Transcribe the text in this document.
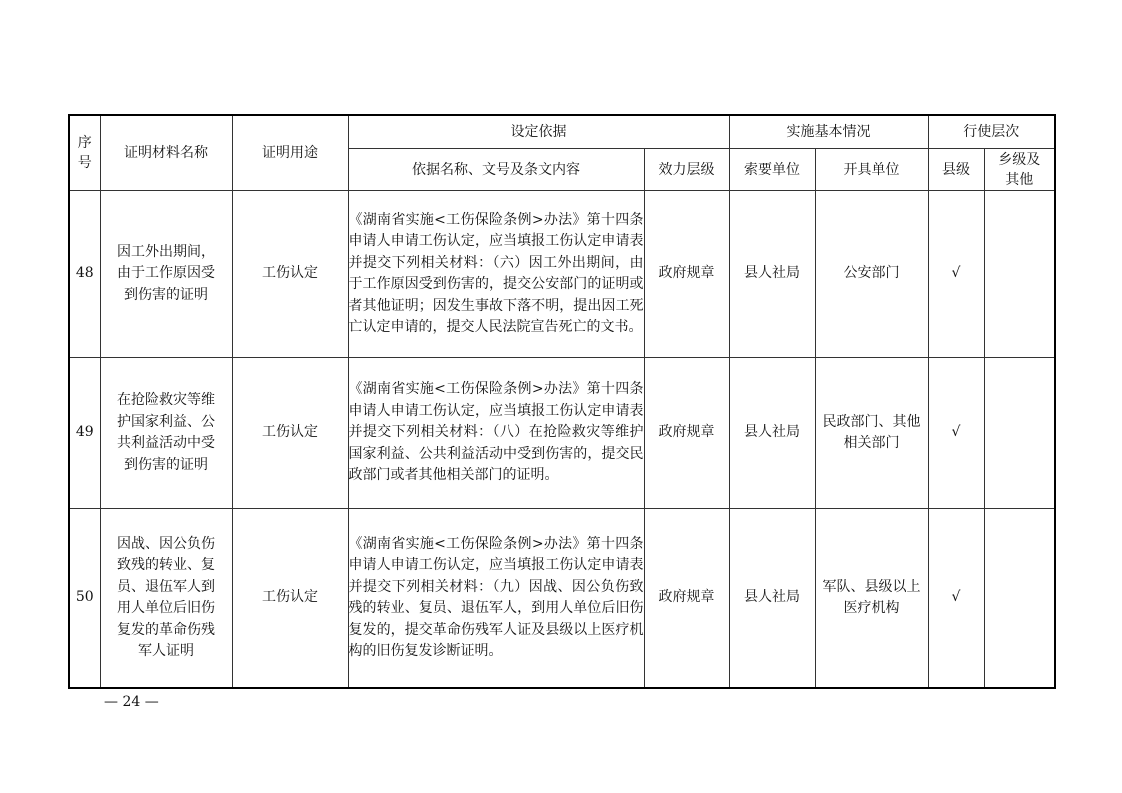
序号	证明材料名称	证明用途	设定依据		实施基本情况		行使层次	
			依据名称、文号及条文内容	效力层级	索要单位	开具单位	县级	乡级及其他
48	因工外出期间，由于工作原因受到伤害的证明	工伤认定	《湖南省实施<工伤保险条例>办法》第十四条 申请人申请工伤认定，应当填报工伤认定申请表并提交下列相关材料：（六）因工外出期间，由于工作原因受到伤害的，提交公安部门的证明或者其他证明；因发生事故下落不明，提出因工死亡认定申请的，提交人民法院宣告死亡的文书。	政府规章	县人社局	公安部门	√	
49	在抢险救灾等维护国家利益、公共利益活动中受到伤害的证明	工伤认定	《湖南省实施<工伤保险条例>办法》第十四条 申请人申请工伤认定，应当填报工伤认定申请表并提交下列相关材料：（八）在抢险救灾等维护国家利益、公共利益活动中受到伤害的，提交民政部门或者其他相关部门的证明。	政府规章	县人社局	民政部门、其他相关部门	√	
50	因战、因公负伤致残的转业、复员、退伍军人到用人单位后旧伤复发的革命伤残军人证明	工伤认定	《湖南省实施<工伤保险条例>办法》第十四条 申请人申请工伤认定，应当填报工伤认定申请表并提交下列相关材料：（九）因战、因公负伤致残的转业、复员、退伍军人，到用人单位后旧伤复发的，提交革命伤残军人证及县级以上医疗机构的旧伤复发诊断证明。	政府规章	县人社局	军队、县级以上医疗机构	√	
— 24 —
